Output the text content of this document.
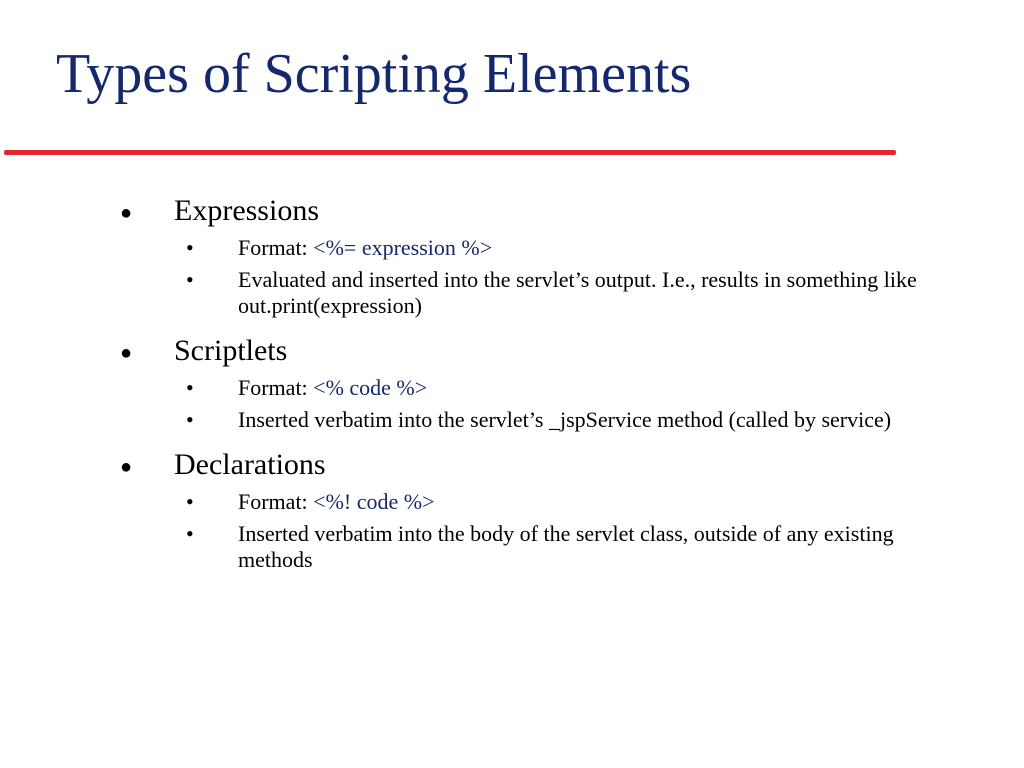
Types of Scripting Elements
● Expressions
• Format: <%= expression %>
• Evaluated and inserted into the servlet’s output. I.e., results in something like out.print(expression)
● Scriptlets
• Format: <% code %>
• Inserted verbatim into the servlet’s _jspService method (called by service)
● Declarations
• Format: <%! code %>
• Inserted verbatim into the body of the servlet class, outside of any existing methods
